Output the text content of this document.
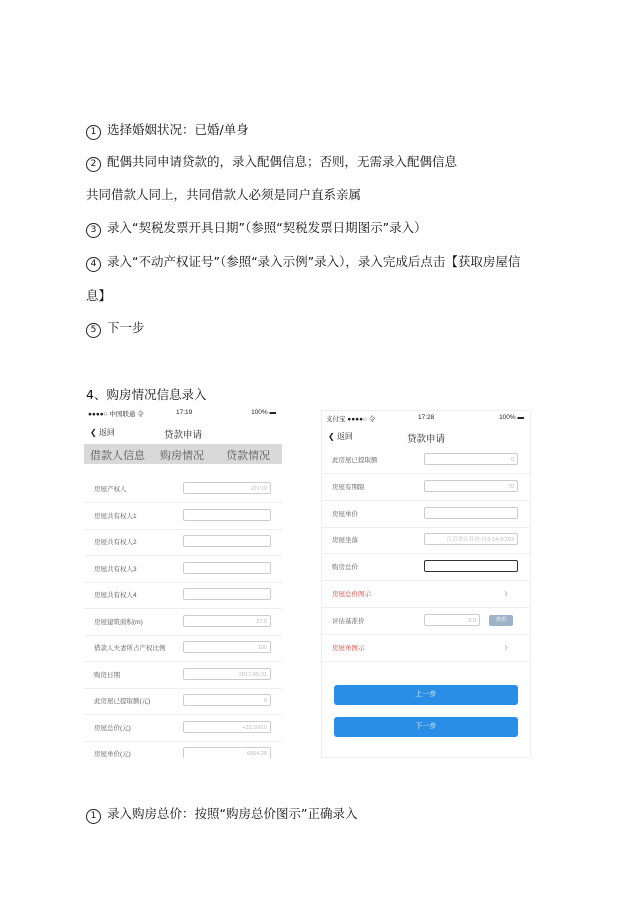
1 选择婚姻状况：已婚/单身
2 配偶共同申请贷款的，录入配偶信息；否则，无需录入配偶信息
共同借款人同上，共同借款人必须是同户直系亲属
3 录入“契税发票开具日期”（参照“契税发票日期图示”录入）
4 录入“不动产权证号”（参照“录入示例”录入），录入完成后点击【获取房屋信
息】
5 下一步
4、购房情况信息录入
●●●●○ 中国联通 令	17:19	100% ▬
❮ 返回	贷款申请
借款人信息 购房情况 贷款情况
房屋产权人	刘中国
房屋共有权人1
房屋共有权人2
房屋共有权人3
房屋共有权人4
房屋建筑面积(m)	27.5
借款人夫妻所占产权比例	100
购房日期	2017-05-31
此房屋已提取额(元)	0
房屋总价(元)	+33,100.0
房屋单价(元)	6064.28
支付宝 ●●●●○ 令	17:28	100% ▬
❮ 返回	贷款申请
此房屋已提取额	0
房屋有期限	70
房屋单价
房屋坐落	江苏省江苏市·区3-14-3-203
购房总价
房屋总价图示	›
评估基准价	0.0	查看
房屋单图示	›
上一步
下一步
1 录入购房总价：按照“购房总价图示”正确录入
